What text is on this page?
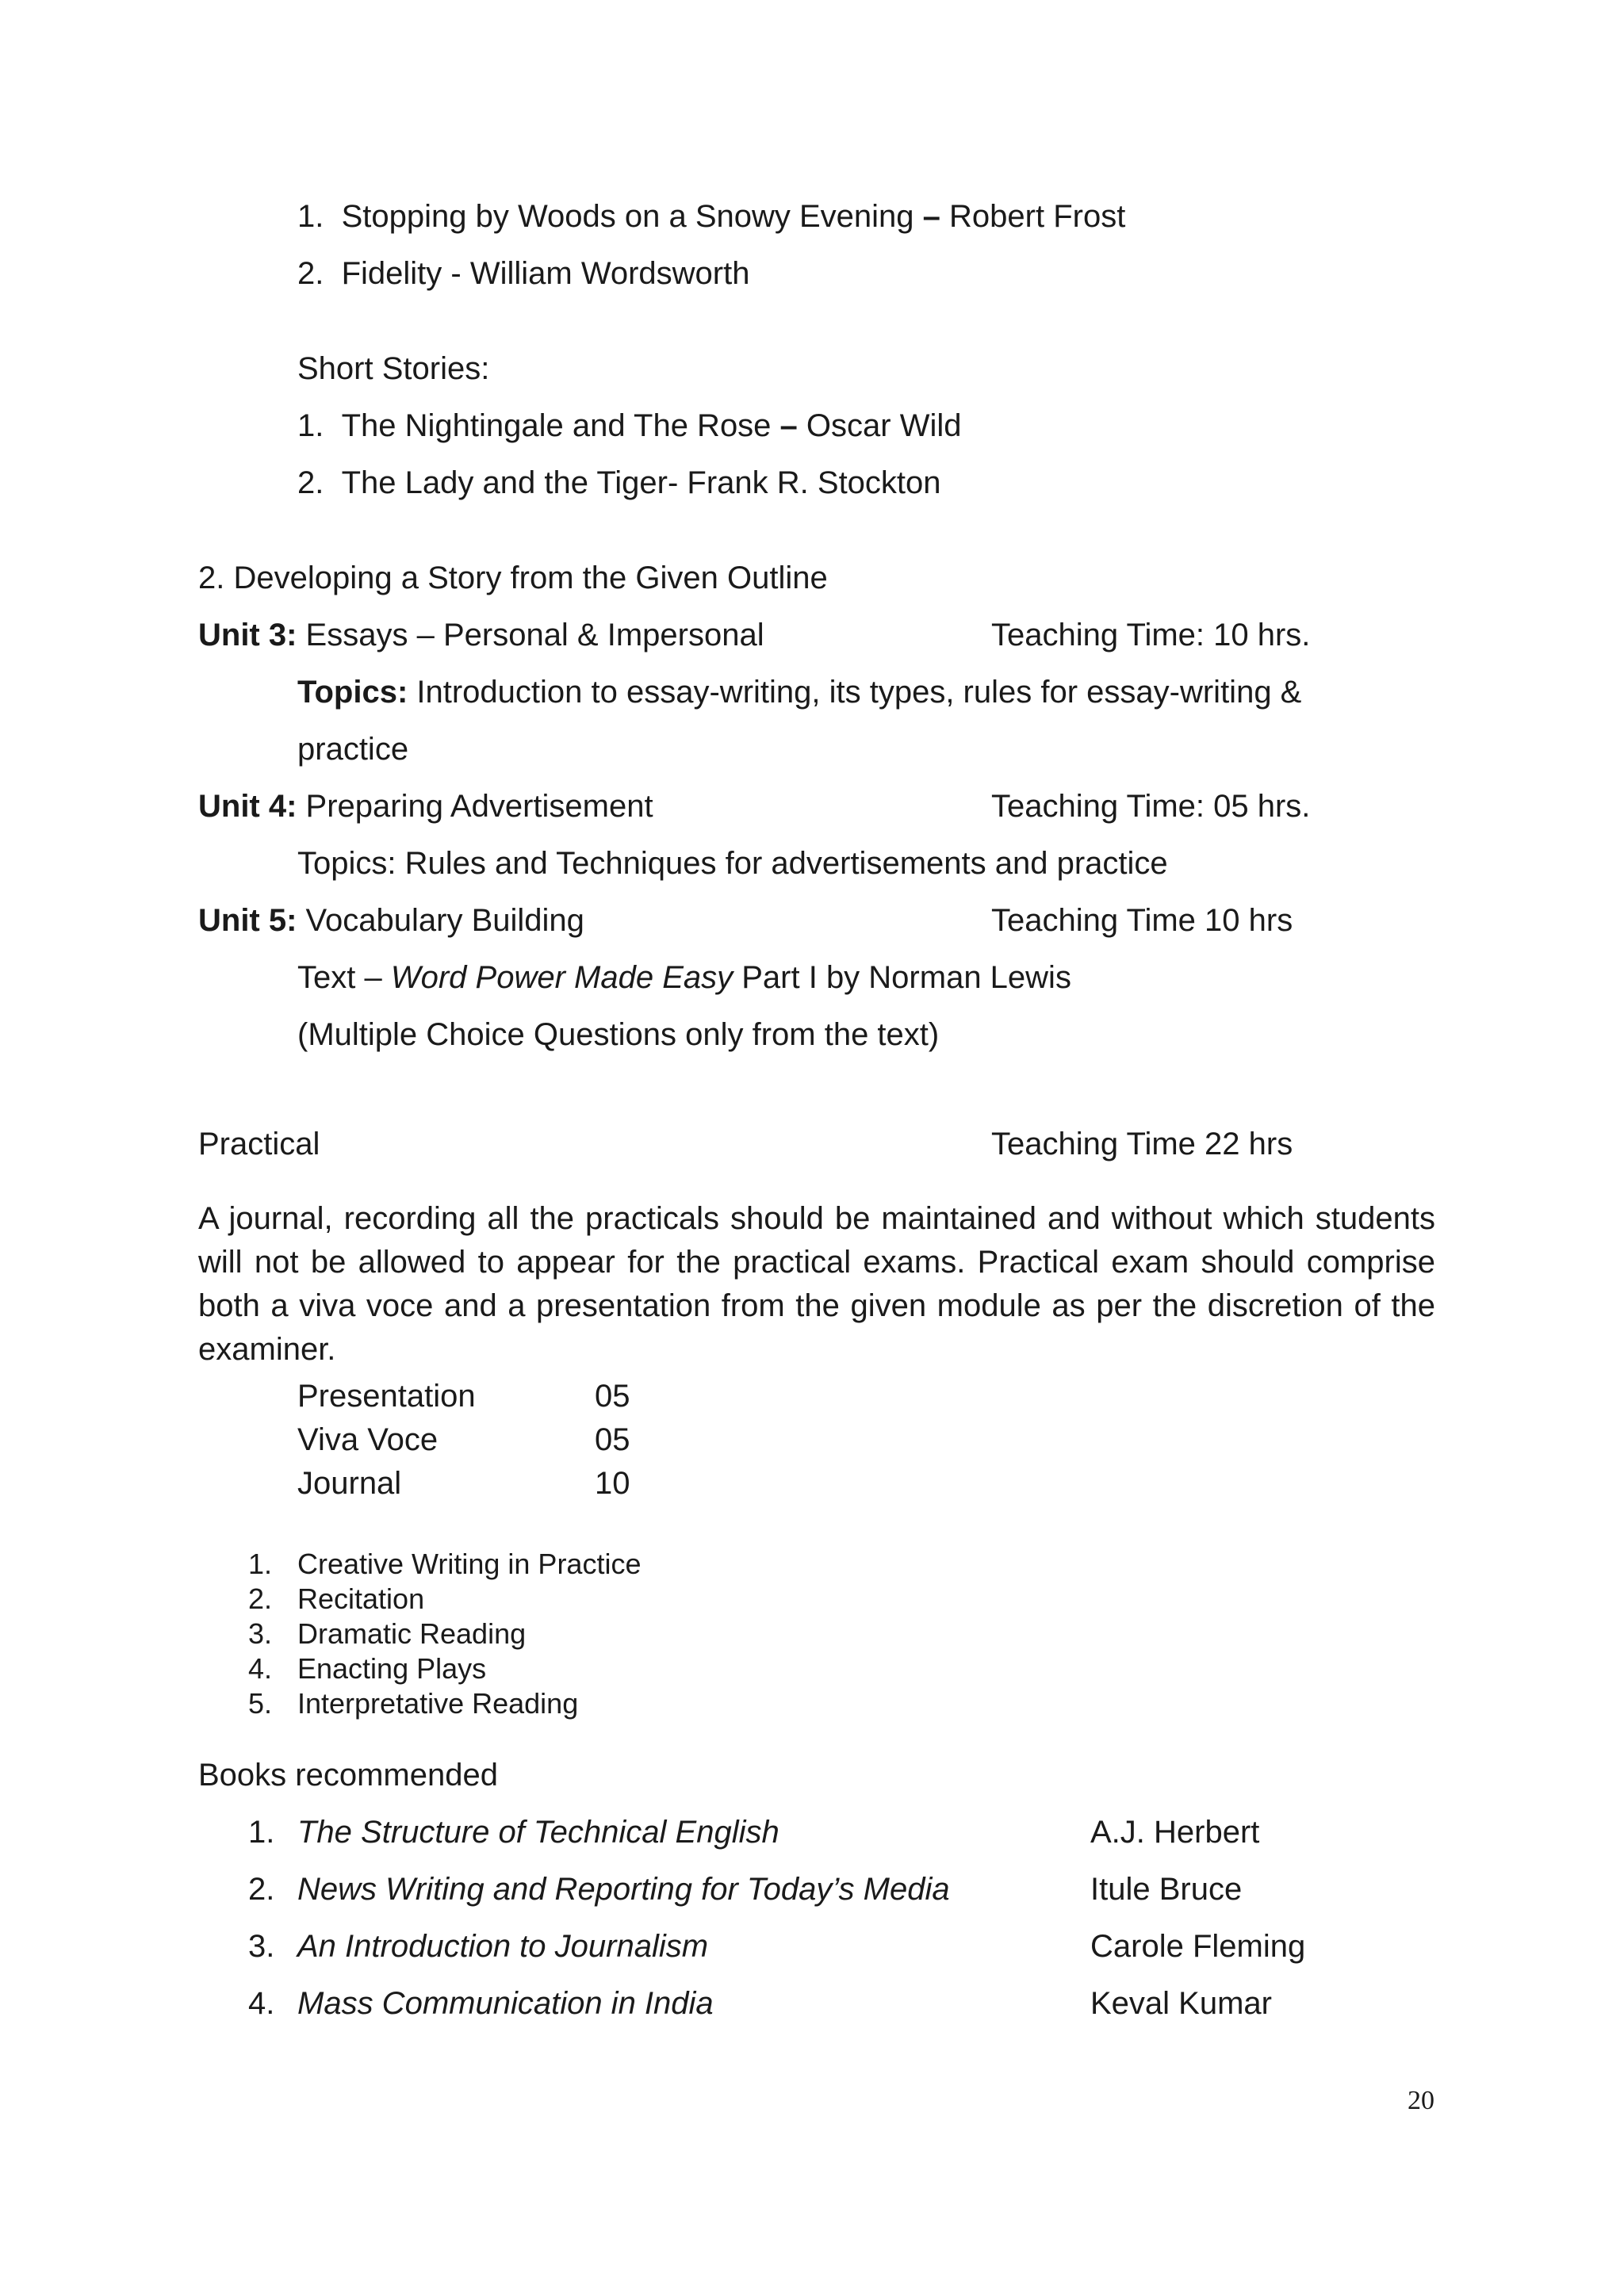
1. Stopping by Woods on a Snowy Evening – Robert Frost
2. Fidelity - William Wordsworth
Short Stories:
1. The Nightingale and The Rose – Oscar Wild
2. The Lady and the Tiger- Frank R. Stockton
2. Developing a Story from the Given Outline
Unit 3: Essays – Personal & Impersonal	Teaching Time: 10 hrs.
Topics: Introduction to essay-writing, its types, rules for essay-writing &
practice
Unit 4: Preparing Advertisement	Teaching Time: 05 hrs.
Topics: Rules and Techniques for advertisements and practice
Unit 5: Vocabulary Building	Teaching Time 10 hrs
Text – Word Power Made Easy Part I by Norman Lewis
(Multiple Choice Questions only from the text)
Practical	Teaching Time 22 hrs
A journal, recording all the practicals should be maintained and without which students will not be allowed to appear for the practical exams. Practical exam should comprise both a viva voce and a presentation from the given module as per the discretion of the examiner.
Presentation	05
Viva Voce	05
Journal	10
1. Creative Writing in Practice
2. Recitation
3. Dramatic Reading
4. Enacting Plays
5. Interpretative Reading
Books recommended
1. The Structure of Technical English	A.J. Herbert
2. News Writing and Reporting for Today’s Media	Itule Bruce
3. An Introduction to Journalism	Carole Fleming
4. Mass Communication in India	Keval Kumar
20
